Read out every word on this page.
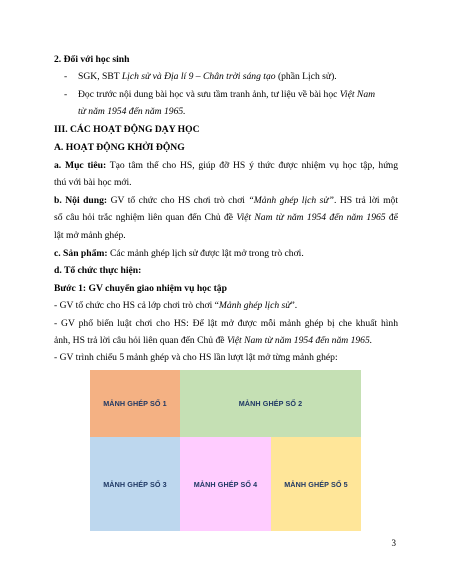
2. Đối với học sinh
- SGK, SBT Lịch sử và Địa lí 9 – Chân trời sáng tạo (phần Lịch sử).
- Đọc trước nội dung bài học và sưu tầm tranh ảnh, tư liệu về bài học Việt Nam
từ năm 1954 đến năm 1965.
III. CÁC HOẠT ĐỘNG DẠY HỌC
A. HOẠT ĐỘNG KHỞI ĐỘNG
a. Mục tiêu: Tạo tâm thế cho HS, giúp đỡ HS ý thức được nhiệm vụ học tập, hứng
thú với bài học mới.
b. Nội dung: GV tổ chức cho HS chơi trò chơi “Mảnh ghép lịch sử”. HS trả lời một
số câu hỏi trắc nghiệm liên quan đến Chủ đề Việt Nam từ năm 1954 đến năm 1965 để
lật mở mảnh ghép.
c. Sản phẩm: Các mảnh ghép lịch sử được lật mở trong trò chơi.
d. Tổ chức thực hiện:
Bước 1: GV chuyển giao nhiệm vụ học tập
- GV tổ chức cho HS cả lớp chơi trò chơi “Mảnh ghép lịch sử”.
- GV phổ biến luật chơi cho HS: Để lật mở được mỗi mảnh ghép bị che khuất hình
ảnh, HS trả lời câu hỏi liên quan đến Chủ đề Việt Nam từ năm 1954 đến năm 1965.
- GV trình chiếu 5 mảnh ghép và cho HS lần lượt lật mở từng mảnh ghép:
MẢNH GHÉP SỐ 1	MẢNH GHÉP SỐ 2
MẢNH GHÉP SỐ 3	MẢNH GHÉP SỐ 4	MẢNH GHÉP SỐ 5
3
